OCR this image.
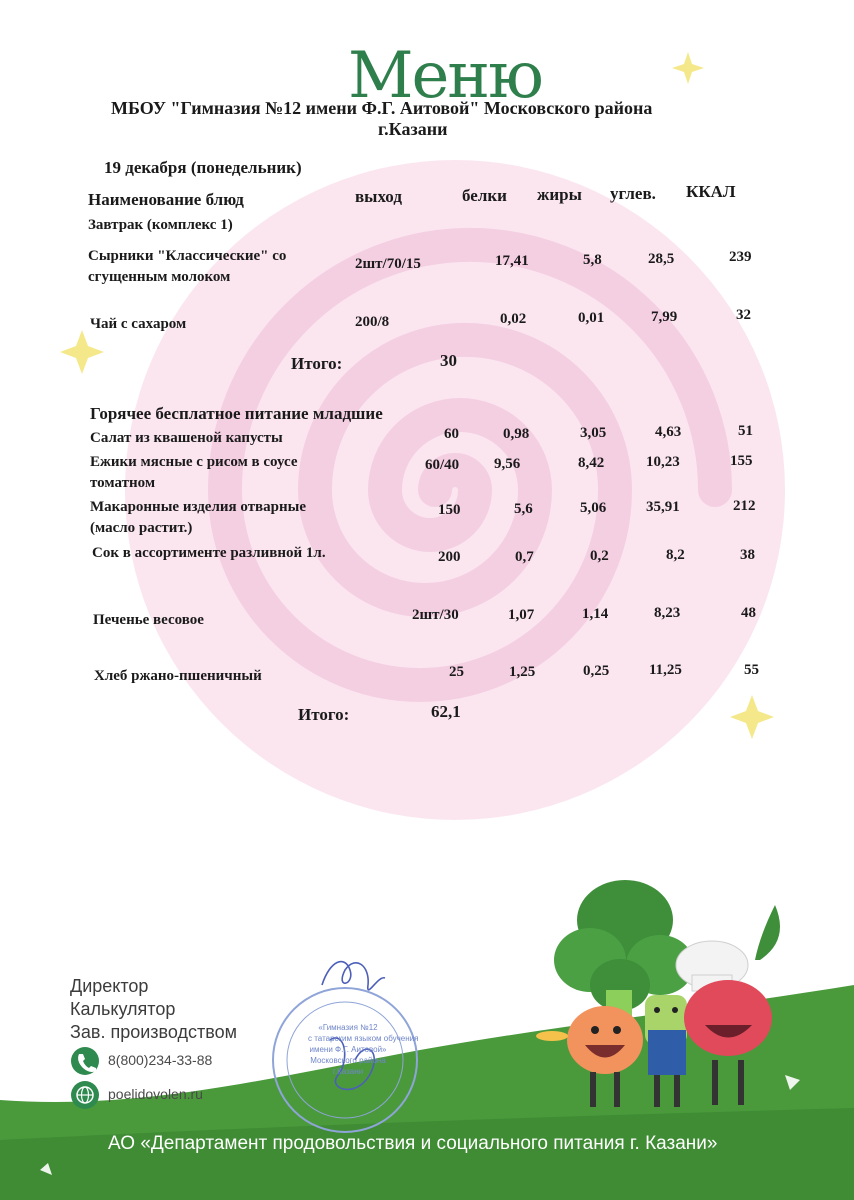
Меню
МБОУ "Гимназия №12 имени Ф.Г. Аитовой" Московского района
г.Казани
19 декабря (понедельник)
Наименование блюд	выход	белки жиры углев. ККАЛ
Завтрак (комплекс 1)
Сырники "Классические" со сгущенным молоком
2шт/70/15	17,41	5,8	28,5	239
Чай с сахаром	200/8	0,02	0,01	7,99	32
Итого:	30
Горячее бесплатное питание младшие
Салат из квашеной капусты	60	0,98	3,05	4,63	51
Ежики мясные с рисом в соусе томатном
60/40 9,56	8,42	10,23	155
Макаронные изделия отварные (масло растит.)
150	5,6	5,06	35,91	212
Сок в ассортименте разливной 1л.	200	0,7	0,2	8,2	38
Печенье весовое	2шт/30	1,07	1,14	8,23	48
Хлеб ржано-пшеничный	25	1,25	0,25	11,25	55
Итого:	62,1
Директор
Калькулятор
Зав. производством
8(800)234-33-88
poelidovolen.ru
«Гимназия №12
с татарским языком обучения
имени Ф.Г. Аитовой»
Московского района
г.Казани
АО «Департамент продовольствия и социального питания г. Казани»
